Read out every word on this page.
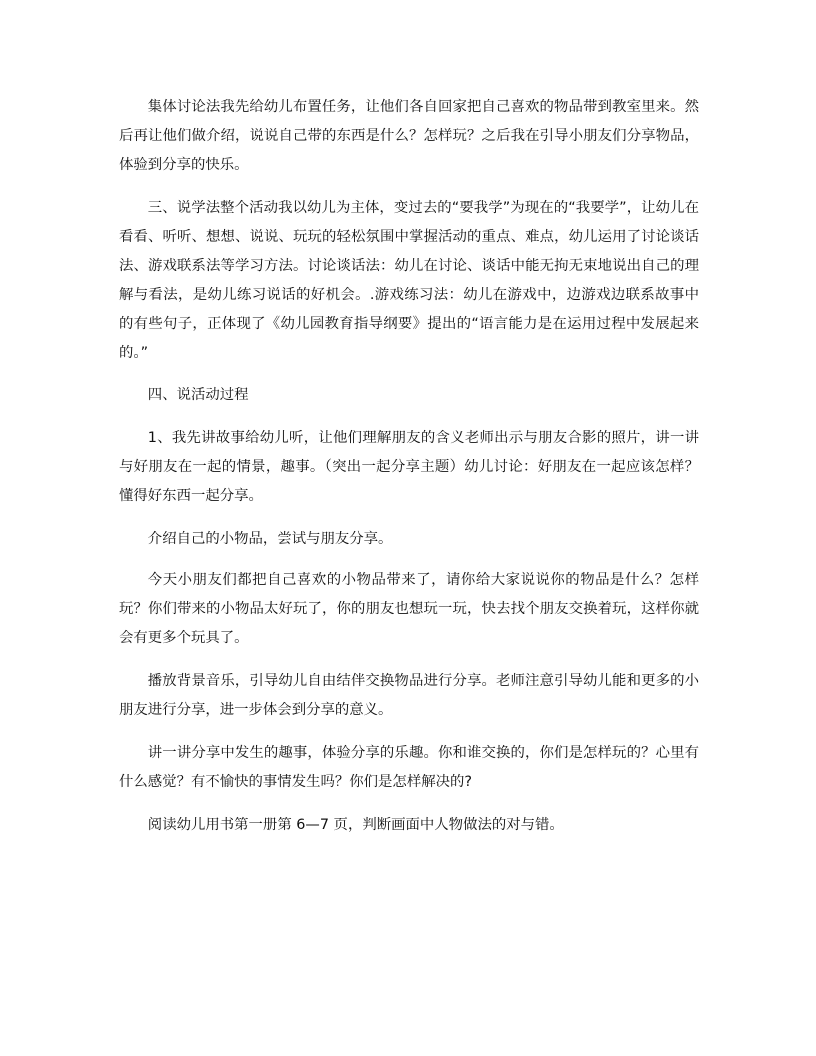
集体讨论法我先给幼儿布置任务，让他们各自回家把自己喜欢的物品带到教室里来。然后再让他们做介绍，说说自己带的东西是什么？怎样玩？之后我在引导小朋友们分享物品，体验到分享的快乐。

三、说学法整个活动我以幼儿为主体，变过去的“要我学”为现在的“我要学”，让幼儿在看看、听听、想想、说说、玩玩的轻松氛围中掌握活动的重点、难点，幼儿运用了讨论谈话法、游戏联系法等学习方法。讨论谈话法：幼儿在讨论、谈话中能无拘无束地说出自己的理解与看法，是幼儿练习说话的好机会。.游戏练习法：幼儿在游戏中，边游戏边联系故事中的有些句子，正体现了《幼儿园教育指导纲要》提出的“语言能力是在运用过程中发展起来的。”

四、说活动过程

1、我先讲故事给幼儿听，让他们理解朋友的含义老师出示与朋友合影的照片，讲一讲与好朋友在一起的情景，趣事。（突出一起分享主题）幼儿讨论：好朋友在一起应该怎样？懂得好东西一起分享。

介绍自己的小物品，尝试与朋友分享。

今天小朋友们都把自己喜欢的小物品带来了，请你给大家说说你的物品是什么？怎样玩？你们带来的小物品太好玩了，你的朋友也想玩一玩，快去找个朋友交换着玩，这样你就会有更多个玩具了。

播放背景音乐，引导幼儿自由结伴交换物品进行分享。老师注意引导幼儿能和更多的小朋友进行分享，进一步体会到分享的意义。

讲一讲分享中发生的趣事，体验分享的乐趣。你和谁交换的，你们是怎样玩的？心里有什么感觉？有不愉快的事情发生吗？你们是怎样解决的?

阅读幼儿用书第一册第 6—7 页，判断画面中人物做法的对与错。
